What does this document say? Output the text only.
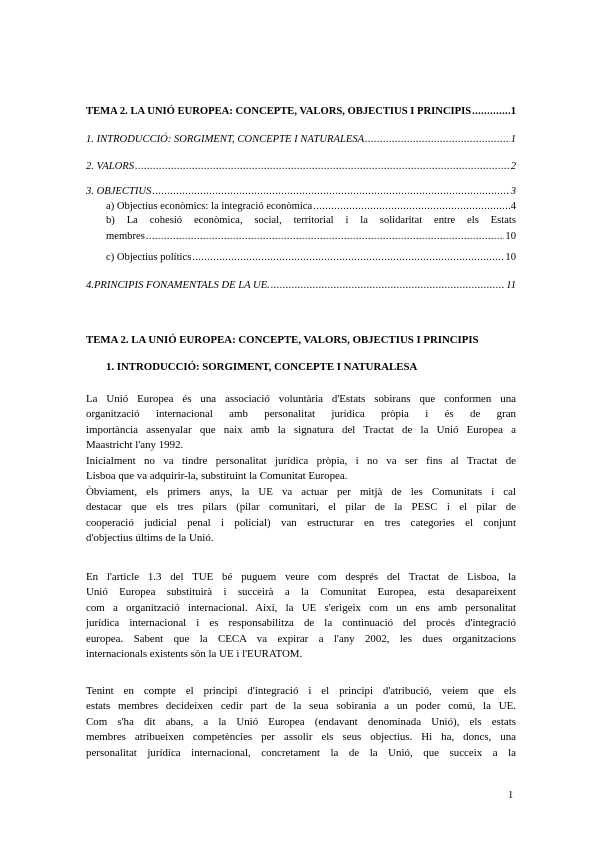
TEMA 2. LA UNIÓ EUROPEA: CONCEPTE, VALORS, OBJECTIUS I PRINCIPIS .....	1
1. INTRODUCCIÓ: SORGIMENT, CONCEPTE I NATURALESA .....	1
2. VALORS .....	2
3. OBJECTIUS .....	3
a) Objectius econòmics: la integració econòmica .....	4
b) La cohesió econòmica, social, territorial i la solidaritat entre els Estats
membres .....	10
c) Objectius polítics .....	10
4.PRINCIPIS FONAMENTALS DE LA UE. .....	11
TEMA 2. LA UNIÓ EUROPEA: CONCEPTE, VALORS, OBJECTIUS I PRINCIPIS
1. INTRODUCCIÓ: SORGIMENT, CONCEPTE I NATURALESA
La Unió Europea és una associació voluntària d'Estats sobirans que conformen una
organització internacional amb personalitat jurídica pròpia i és de gran
importància assenyalar que naix amb la signatura del Tractat de la Unió Europea a
Maastricht l'any 1992.
Inicialment no va tindre personalitat jurídica pròpia, i no va ser fins al Tractat de
Lisboa que va adquirir-la, substituint la Comunitat Europea.
Òbviament, els primers anys, la UE va actuar per mitjà de les Comunitats i cal
destacar que els tres pilars (pilar comunitari, el pilar de la PESC i el pilar de
cooperació judicial penal i policial) van estructurar en tres categories el conjunt
d'objectius últims de la Unió.
En l'article 1.3 del TUE bé puguem veure com després del Tractat de Lisboa, la
Unió Europea substituirà i succeirà a la Comunitat Europea, esta desapareixent
com a organització internacional. Així, la UE s'erigeix com un ens amb personalitat
jurídica internacional i es responsabilitza de la continuació del procés d'integració
europea. Sabent que la CECA va expirar a l'any 2002, les dues organitzacions
internacionals existents són la UE i l'EURATOM.
Tenint en compte el principi d'integració i el principi d'atribució, veiem que els
estats membres decideixen cedir part de la seua sobirania a un poder comú, la UE.
Com s'ha dit abans, a la Unió Europea (endavant denominada Unió), els estats
membres atribueixen competències per assolir els seus objectius. Hi ha, doncs, una
personalitat jurídica internacional, concretament la de la Unió, que succeix a la
1
